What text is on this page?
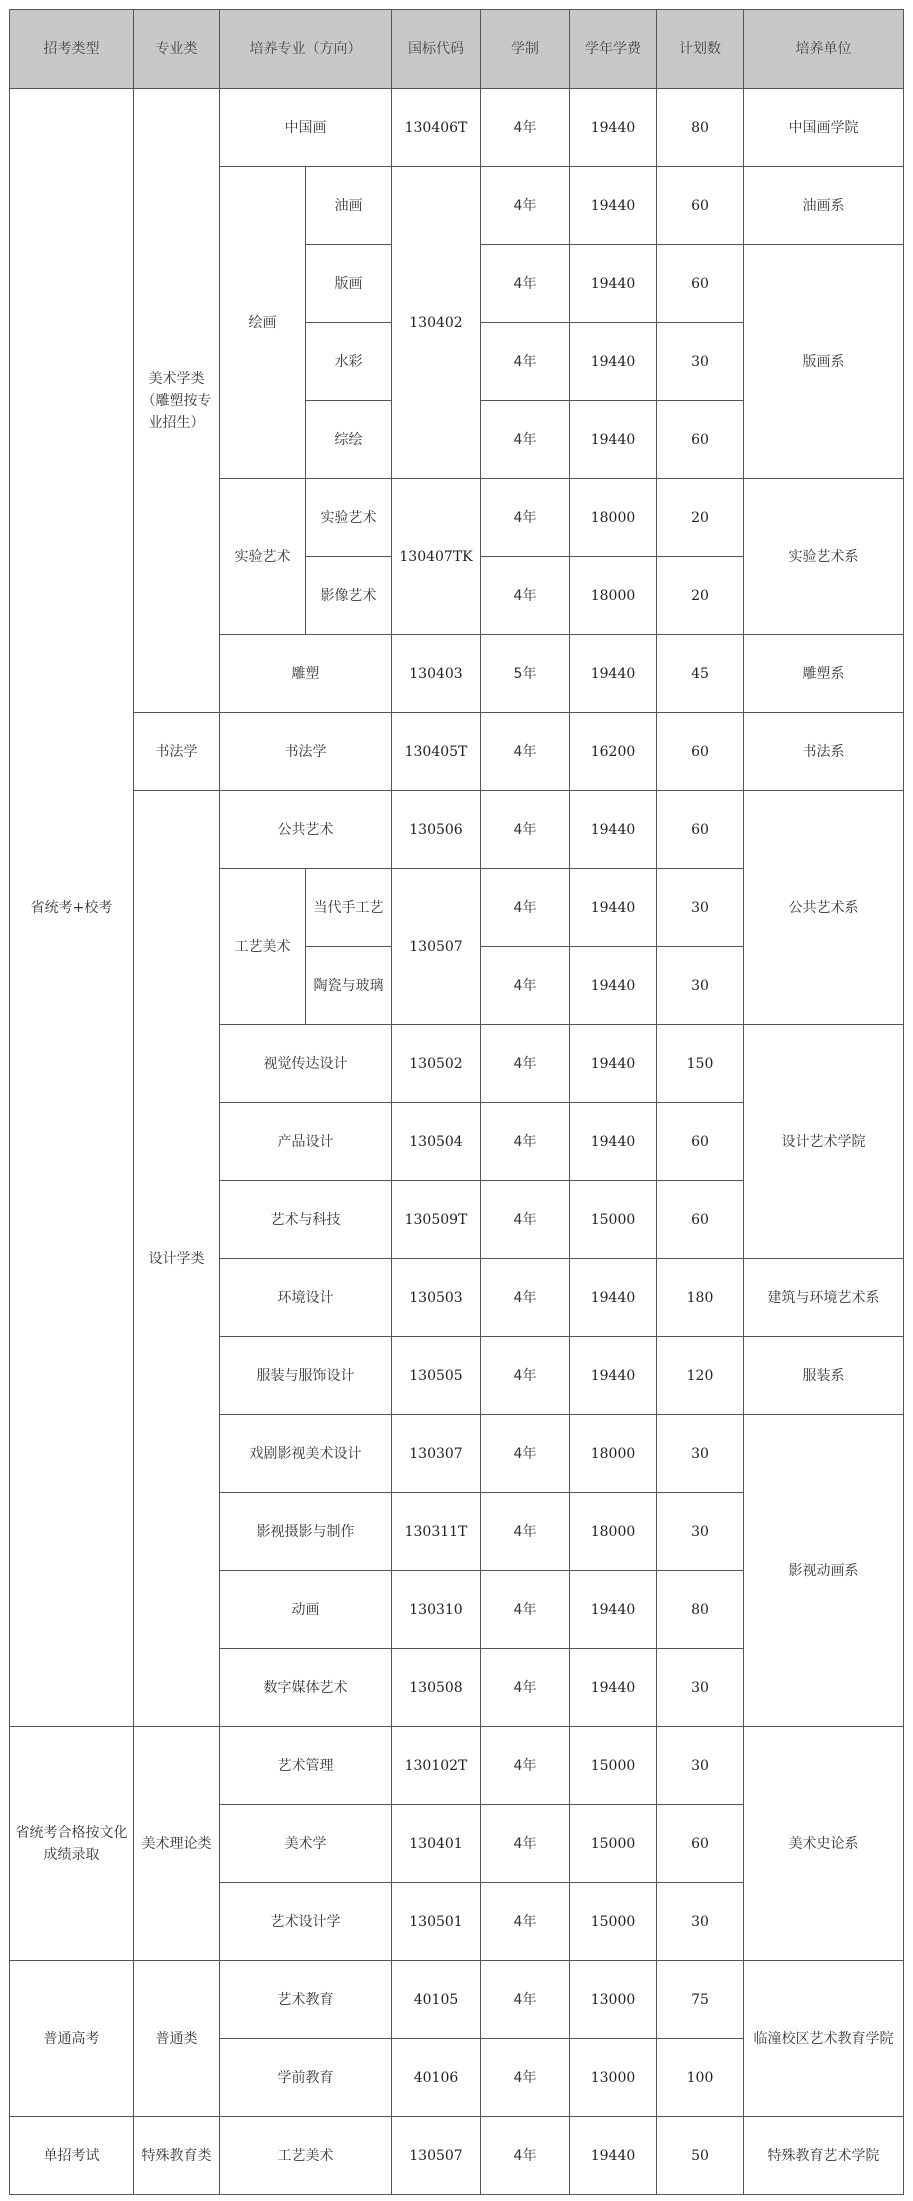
招考类型	专业类	培养专业（方向）		国标代码	学制	学年学费	计划数	培养单位
省统考+校考	美术学类（雕塑按专业招生）	中国画		130406T	4年	19440	80	中国画学院
		绘画	油画	130402	4年	19440	60	油画系
			版画		4年	19440	60	版画系
			水彩		4年	19440	30	
			综绘		4年	19440	60	
		实验艺术	实验艺术	130407TK	4年	18000	20	实验艺术系
			影像艺术		4年	18000	20	
		雕塑		130403	5年	19440	45	雕塑系
	书法学	书法学		130405T	4年	16200	60	书法系
	设计学类	公共艺术		130506	4年	19440	60	公共艺术系
		工艺美术	当代手工艺	130507	4年	19440	30	
			陶瓷与玻璃		4年	19440	30	
		视觉传达设计		130502	4年	19440	150	设计艺术学院
		产品设计		130504	4年	19440	60	
		艺术与科技		130509T	4年	15000	60	
		环境设计		130503	4年	19440	180	建筑与环境艺术系
		服装与服饰设计		130505	4年	19440	120	服装系
		戏剧影视美术设计		130307	4年	18000	30	影视动画系
		影视摄影与制作		130311T	4年	18000	30	
		动画		130310	4年	19440	80	
		数字媒体艺术		130508	4年	19440	30	
省统考合格按文化成绩录取	美术理论类	艺术管理		130102T	4年	15000	30	美术史论系
		美术学		130401	4年	15000	60	
		艺术设计学		130501	4年	15000	30	
普通高考	普通类	艺术教育		40105	4年	13000	75	临潼校区艺术教育学院
		学前教育		40106	4年	13000	100	
单招考试	特殊教育类	工艺美术		130507	4年	19440	50	特殊教育艺术学院
